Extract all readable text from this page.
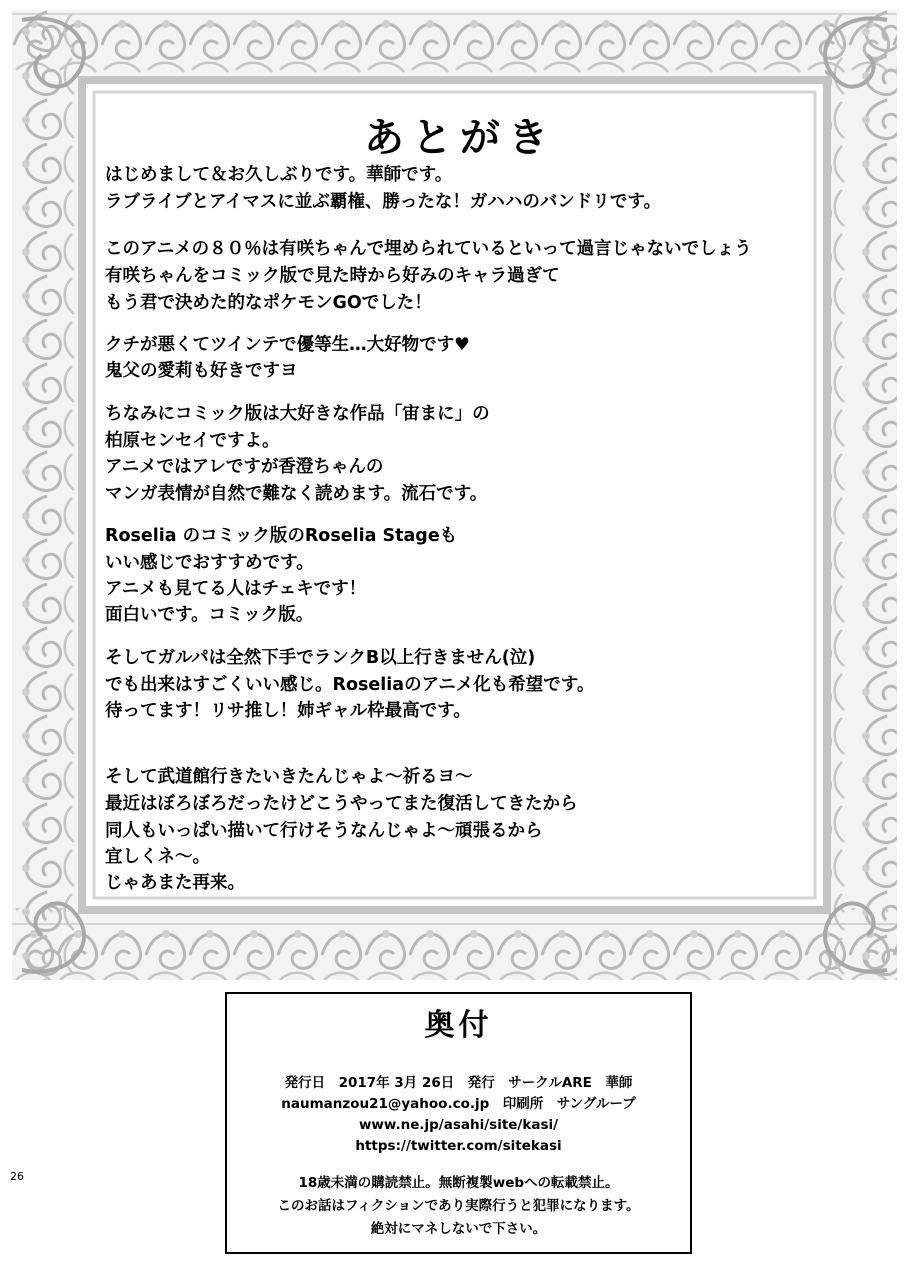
あとがき
はじめまして＆お久しぶりです。華師です。
ラブライブとアイマスに並ぶ覇権、勝ったな！ガハハのバンドリです。
このアニメの８０％は有咲ちゃんで埋められているといって過言じゃないでしょう
有咲ちゃんをコミック版で見た時から好みのキャラ過ぎて
もう君で決めた的なポケモンGOでした！
クチが悪くてツインテで優等生…大好物です♥
鬼父の愛莉も好きですヨ
ちなみにコミック版は大好きな作品「宙まに」の
柏原センセイですよ。
アニメではアレですが香澄ちゃんの
マンガ表情が自然で難なく読めます。流石です。
Roselia のコミック版のRoselia Stageも
いい感じでおすすめです。
アニメも見てる人はチェキです！
面白いです。コミック版。
そしてガルパは全然下手でランクB以上行きません(泣)
でも出来はすごくいい感じ。Roseliaのアニメ化も希望です。
待ってます！リサ推し！姉ギャル枠最高です。
そして武道館行きたいきたんじゃよ～祈るヨ～
最近はぼろぼろだったけどこうやってまた復活してきたから
同人もいっぱい描いて行けそうなんじゃよ～頑張るから
宜しくネ～。
じゃあまた再来。
奥付
発行日　2017年 3月 26日　発行　サークルARE　華師
naumanzou21@yahoo.co.jp　印刷所　サングループ
www.ne.jp/asahi/site/kasi/
https://twitter.com/sitekasi
18歳未満の購読禁止。無断複製webへの転載禁止。
このお話はフィクションであり実際行うと犯罪になります。
絶対にマネしないで下さい。
26
